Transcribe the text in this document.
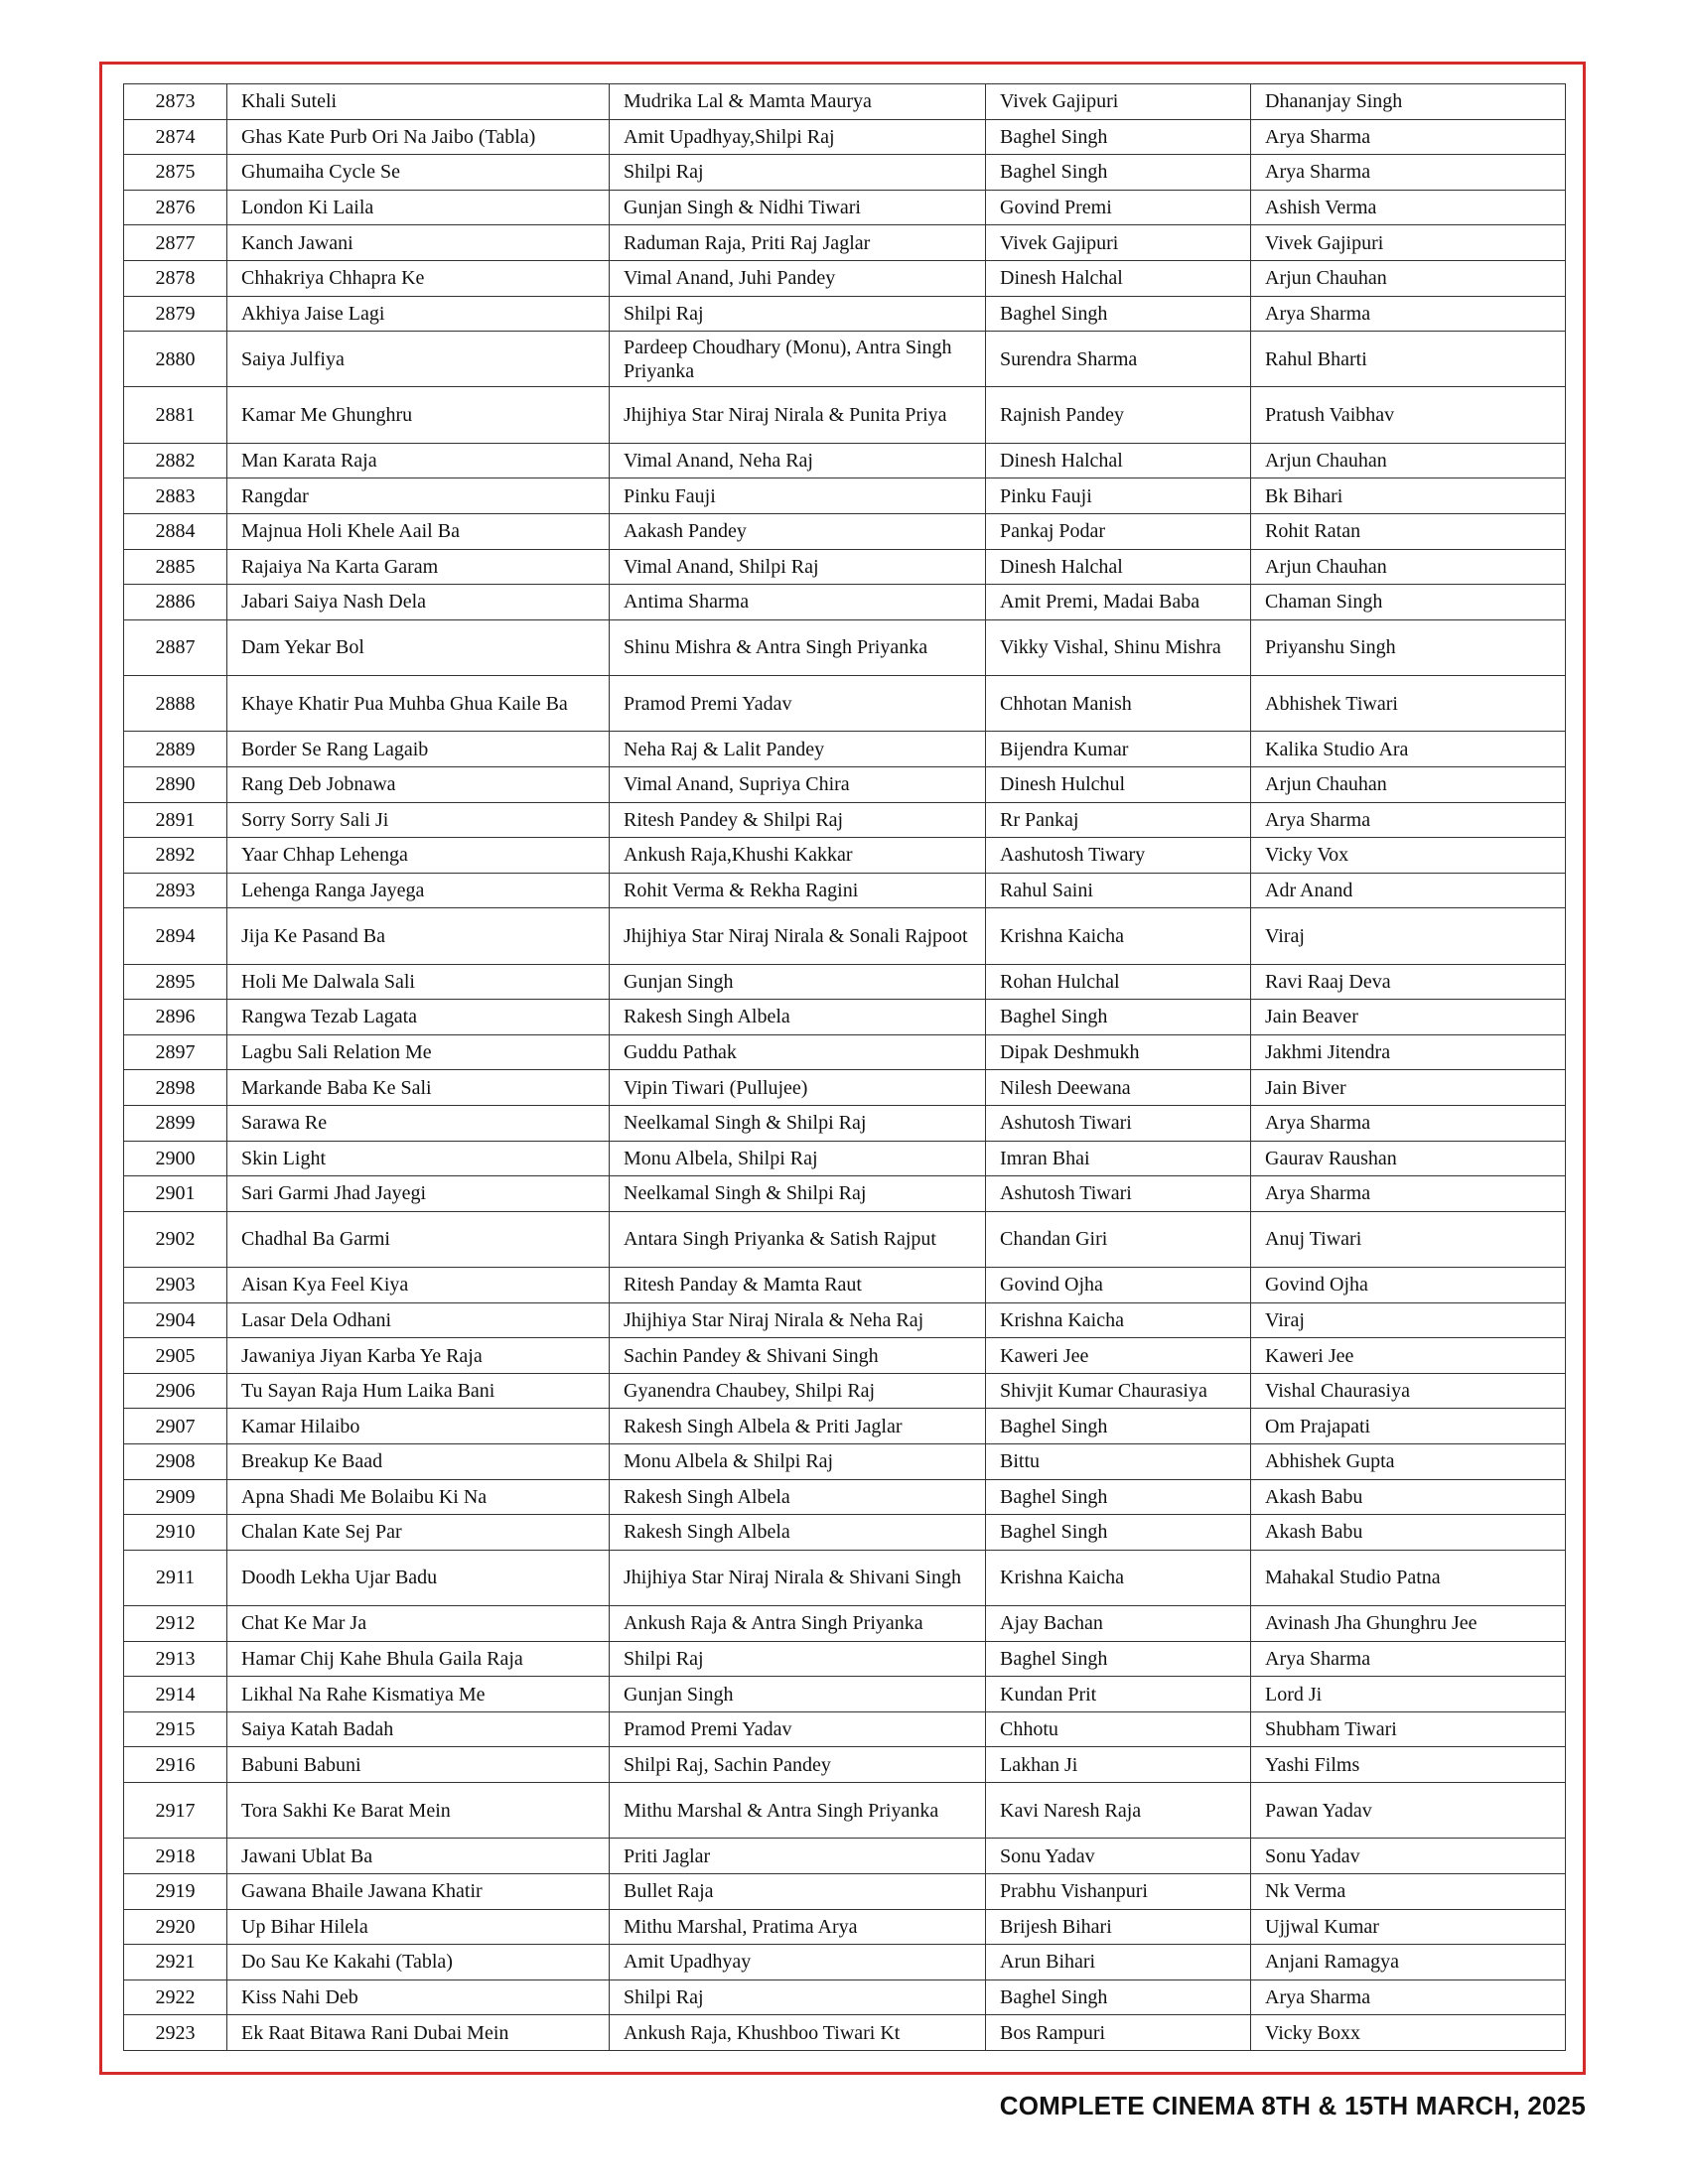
2873	Khali Suteli	Mudrika Lal & Mamta Maurya	Vivek Gajipuri	Dhananjay Singh
2874	Ghas Kate Purb Ori Na Jaibo (Tabla)	Amit Upadhyay,Shilpi Raj	Baghel Singh	Arya Sharma
2875	Ghumaiha Cycle Se	Shilpi Raj	Baghel Singh	Arya Sharma
2876	London Ki Laila	Gunjan Singh & Nidhi Tiwari	Govind Premi	Ashish Verma
2877	Kanch Jawani	Raduman Raja, Priti Raj Jaglar	Vivek Gajipuri	Vivek Gajipuri
2878	Chhakriya Chhapra Ke	Vimal Anand, Juhi Pandey	Dinesh Halchal	Arjun Chauhan
2879	Akhiya Jaise Lagi	Shilpi Raj	Baghel Singh	Arya Sharma
2880	Saiya Julfiya	Pardeep Choudhary (Monu), Antra Singh Priyanka	Surendra Sharma	Rahul Bharti
2881	Kamar Me Ghunghru	Jhijhiya Star Niraj Nirala & Punita Priya	Rajnish Pandey	Pratush Vaibhav
2882	Man Karata Raja	Vimal Anand, Neha Raj	Dinesh Halchal	Arjun Chauhan
2883	Rangdar	Pinku Fauji	Pinku Fauji	Bk Bihari
2884	Majnua Holi Khele Aail Ba	Aakash Pandey	Pankaj Podar	Rohit Ratan
2885	Rajaiya Na Karta Garam	Vimal Anand, Shilpi Raj	Dinesh Halchal	Arjun Chauhan
2886	Jabari Saiya Nash Dela	Antima Sharma	Amit Premi, Madai Baba	Chaman Singh
2887	Dam Yekar Bol	Shinu Mishra & Antra Singh Priyanka	Vikky Vishal, Shinu Mishra	Priyanshu Singh
2888	Khaye Khatir Pua Muhba Ghua Kaile Ba	Pramod Premi Yadav	Chhotan Manish	Abhishek Tiwari
2889	Border Se Rang Lagaib	Neha Raj & Lalit Pandey	Bijendra Kumar	Kalika Studio Ara
2890	Rang Deb Jobnawa	Vimal Anand, Supriya Chira	Dinesh Hulchul	Arjun Chauhan
2891	Sorry Sorry Sali Ji	Ritesh Pandey & Shilpi Raj	Rr Pankaj	Arya Sharma
2892	Yaar Chhap Lehenga	Ankush Raja,Khushi Kakkar	Aashutosh Tiwary	Vicky Vox
2893	Lehenga Ranga Jayega	Rohit Verma & Rekha Ragini	Rahul Saini	Adr Anand
2894	Jija Ke Pasand Ba	Jhijhiya Star Niraj Nirala & Sonali Rajpoot	Krishna Kaicha	Viraj
2895	Holi Me Dalwala Sali	Gunjan Singh	Rohan Hulchal	Ravi Raaj Deva
2896	Rangwa Tezab Lagata	Rakesh Singh Albela	Baghel Singh	Jain Beaver
2897	Lagbu Sali Relation Me	Guddu Pathak	Dipak Deshmukh	Jakhmi Jitendra
2898	Markande Baba Ke Sali	Vipin Tiwari (Pullujee)	Nilesh Deewana	Jain Biver
2899	Sarawa Re	Neelkamal Singh & Shilpi Raj	Ashutosh Tiwari	Arya Sharma
2900	Skin Light	Monu Albela, Shilpi Raj	Imran Bhai	Gaurav Raushan
2901	Sari Garmi Jhad Jayegi	Neelkamal Singh & Shilpi Raj	Ashutosh Tiwari	Arya Sharma
2902	Chadhal Ba Garmi	Antara Singh Priyanka & Satish Rajput	Chandan Giri	Anuj Tiwari
2903	Aisan Kya Feel Kiya	Ritesh Panday & Mamta Raut	Govind Ojha	Govind Ojha
2904	Lasar Dela Odhani	Jhijhiya Star Niraj Nirala & Neha Raj	Krishna Kaicha	Viraj
2905	Jawaniya Jiyan Karba Ye Raja	Sachin Pandey & Shivani Singh	Kaweri Jee	Kaweri Jee
2906	Tu Sayan Raja Hum Laika Bani	Gyanendra Chaubey, Shilpi Raj	Shivjit Kumar Chaurasiya	Vishal Chaurasiya
2907	Kamar Hilaibo	Rakesh Singh Albela & Priti Jaglar	Baghel Singh	Om Prajapati
2908	Breakup Ke Baad	Monu Albela & Shilpi Raj	Bittu	Abhishek Gupta
2909	Apna Shadi Me Bolaibu Ki Na	Rakesh Singh Albela	Baghel Singh	Akash Babu
2910	Chalan Kate Sej Par	Rakesh Singh Albela	Baghel Singh	Akash Babu
2911	Doodh Lekha Ujar Badu	Jhijhiya Star Niraj Nirala & Shivani Singh	Krishna Kaicha	Mahakal Studio Patna
2912	Chat Ke Mar Ja	Ankush Raja & Antra Singh Priyanka	Ajay Bachan	Avinash Jha Ghunghru Jee
2913	Hamar Chij Kahe Bhula Gaila Raja	Shilpi Raj	Baghel Singh	Arya Sharma
2914	Likhal Na Rahe Kismatiya Me	Gunjan Singh	Kundan Prit	Lord Ji
2915	Saiya Katah Badah	Pramod Premi Yadav	Chhotu	Shubham Tiwari
2916	Babuni Babuni	Shilpi Raj, Sachin Pandey	Lakhan Ji	Yashi Films
2917	Tora Sakhi Ke Barat Mein	Mithu Marshal & Antra Singh Priyanka	Kavi Naresh Raja	Pawan Yadav
2918	Jawani Ublat Ba	Priti Jaglar	Sonu Yadav	Sonu Yadav
2919	Gawana Bhaile Jawana Khatir	Bullet Raja	Prabhu Vishanpuri	Nk Verma
2920	Up Bihar Hilela	Mithu Marshal, Pratima Arya	Brijesh Bihari	Ujjwal Kumar
2921	Do Sau Ke Kakahi (Tabla)	Amit Upadhyay	Arun Bihari	Anjani Ramagya
2922	Kiss Nahi Deb	Shilpi Raj	Baghel Singh	Arya Sharma
2923	Ek Raat Bitawa Rani Dubai Mein	Ankush Raja, Khushboo Tiwari Kt	Bos Rampuri	Vicky Boxx
COMPLETE CINEMA 8TH & 15TH MARCH, 2025
